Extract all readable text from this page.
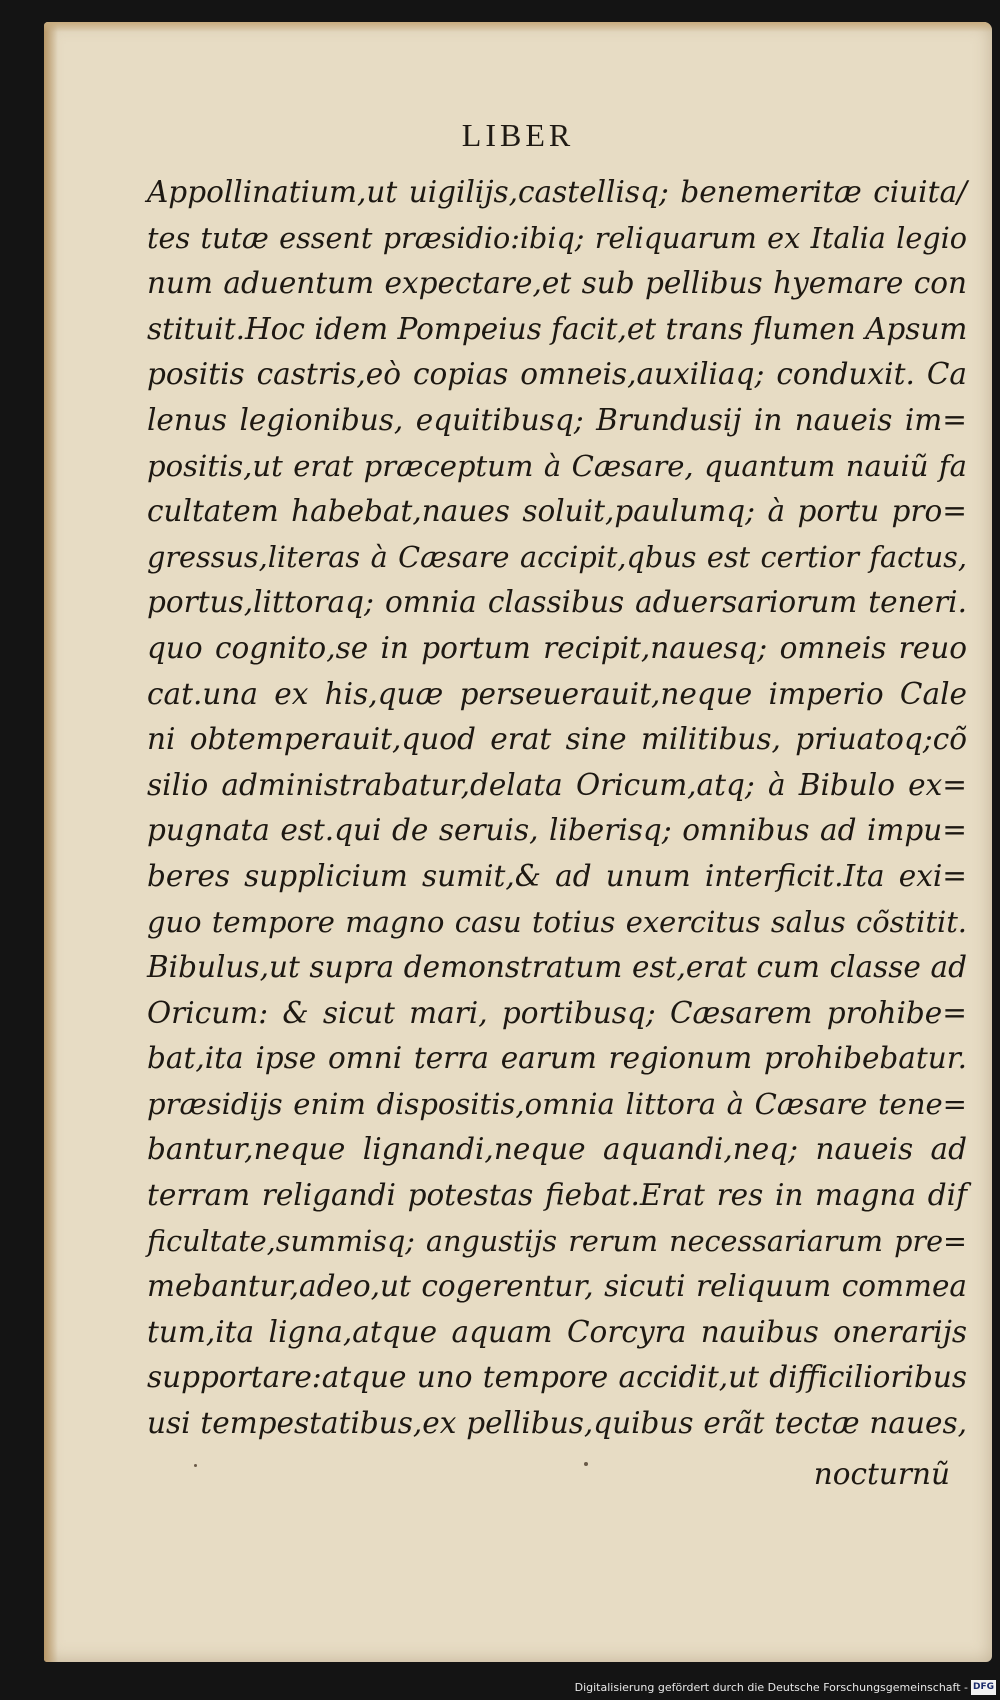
LIBER
Appollinatium,ut uigilijs,castellisq; benemeritæ ciuita/
tes tutæ essent præsidio:ibiq; reliquarum ex Italia legio
num aduentum expectare,et sub pellibus hyemare con
stituit.Hoc idem Pompeius facit,et trans flumen Apsum
positis castris,eò copias omneis,auxiliaq; conduxit. Ca
lenus legionibus, equitibusq; Brundusij in naueis im=
positis,ut erat præceptum à Cæsare, quantum nauiũ fa
cultatem habebat,naues soluit,paulumq; à portu pro=
gressus,literas à Cæsare accipit,qbus est certior factus,
portus,littoraq; omnia classibus aduersariorum teneri.
quo cognito,se in portum recipit,nauesq; omneis reuo
cat.una ex his,quæ perseuerauit,neque imperio Cale
ni obtemperauit,quod erat sine militibus, priuatoq;cõ
silio administrabatur,delata Oricum,atq; à Bibulo ex=
pugnata est.qui de seruis, liberisq; omnibus ad impu=
beres supplicium sumit,& ad unum interficit.Ita exi=
guo tempore magno casu totius exercitus salus cõstitit.
Bibulus,ut supra demonstratum est,erat cum classe ad
Oricum: & sicut mari, portibusq; Cæsarem prohibe=
bat,ita ipse omni terra earum regionum prohibebatur.
præsidijs enim dispositis,omnia littora à Cæsare tene=
bantur,neque lignandi,neque aquandi,neq; naueis ad
terram religandi potestas fiebat.Erat res in magna dif
ficultate,summisq; angustijs rerum necessariarum pre=
mebantur,adeo,ut cogerentur, sicuti reliquum commea
tum,ita ligna,atque aquam Corcyra nauibus onerarijs
supportare:atque uno tempore accidit,ut difficilioribus
usi tempestatibus,ex pellibus,quibus erãt tectæ naues,
nocturnũ
Digitalisierung gefördert durch die Deutsche Forschungsgemeinschaft - DFG
